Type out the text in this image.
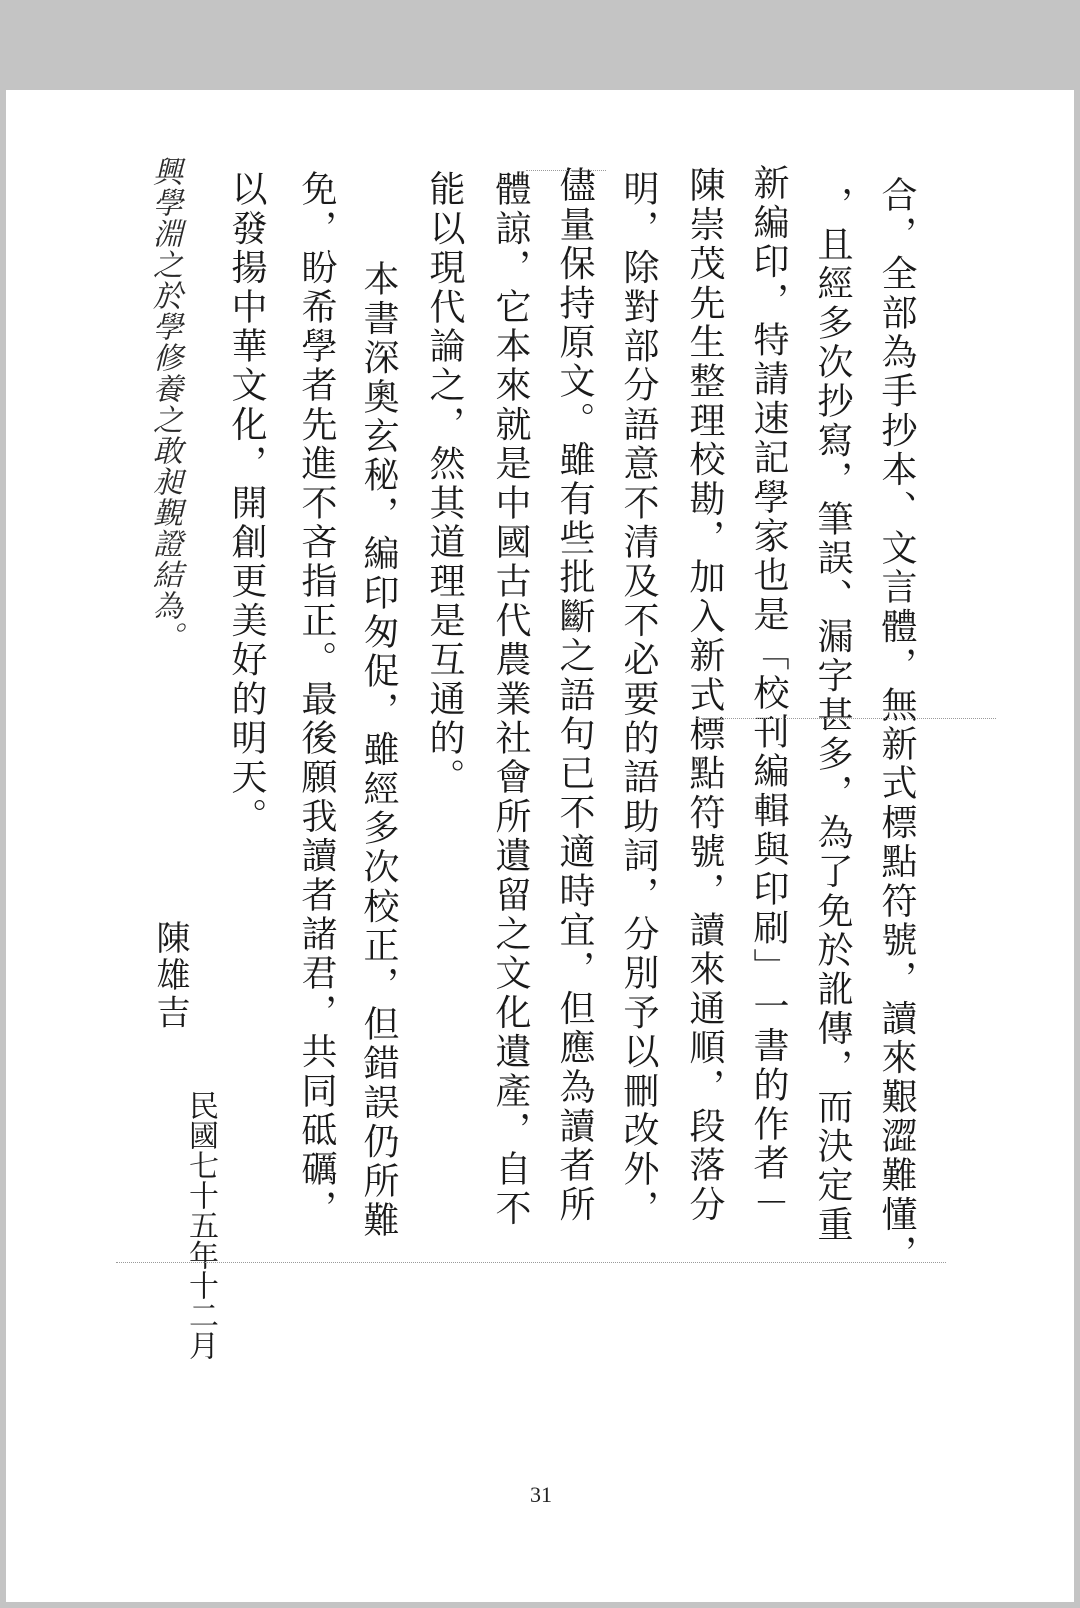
合，全部為手抄本、文言體，無新式標點符號，讀來艱澀難懂，
，且經多次抄寫，筆誤、漏字甚多，為了免於訛傳，而決定重
新編印，特請速記學家也是「校刊編輯與印刷」一書的作者－
陳崇茂先生整理校勘，加入新式標點符號，讀來通順，段落分
明，除對部分語意不清及不必要的語助詞，分別予以刪改外，
儘量保持原文。雖有些批斷之語句已不適時宜，但應為讀者所
體諒，它本來就是中國古代農業社會所遺留之文化遺產，自不
能以現代論之，然其道理是互通的。
本書深奧玄秘，編印匆促，雖經多次校正，但錯誤仍所難
免，盼希學者先進不吝指正。最後願我讀者諸君，共同砥礪，
以發揚中華文化，開創更美好的明天。
陳雄吉
民國七十五年十二月
興學淵之於學修養之敢昶覲證結為。
31
